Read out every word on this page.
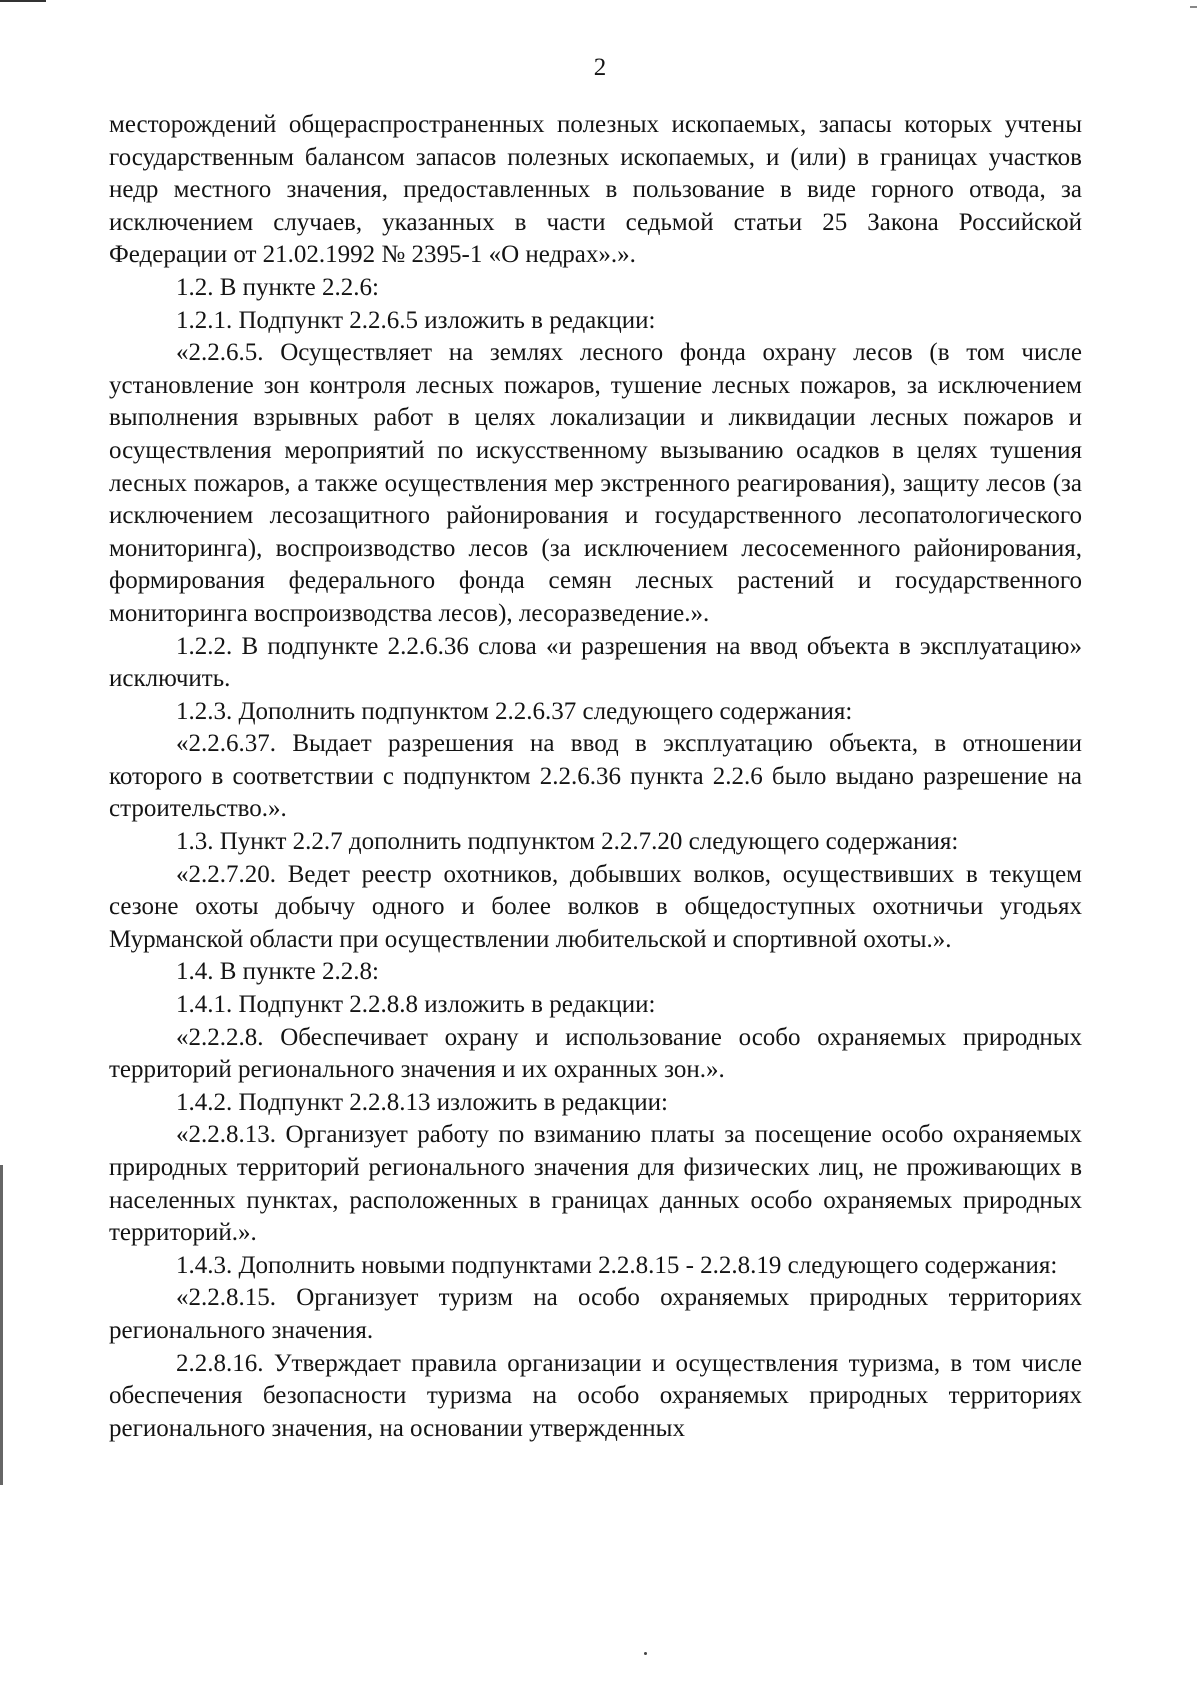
2

месторождений общераспространенных полезных ископаемых, запасы которых учтены государственным балансом запасов полезных ископаемых, и (или) в границах участков недр местного значения, предоставленных в пользование в виде горного отвода, за исключением случаев, указанных в части седьмой статьи 25 Закона Российской Федерации от 21.02.1992 № 2395-1 «О недрах».».

1.2. В пункте 2.2.6:

1.2.1. Подпункт 2.2.6.5 изложить в редакции:

«2.2.6.5. Осуществляет на землях лесного фонда охрану лесов (в том числе установление зон контроля лесных пожаров, тушение лесных пожаров, за исключением выполнения взрывных работ в целях локализации и ликвидации лесных пожаров и осуществления мероприятий по искусственному вызыванию осадков в целях тушения лесных пожаров, а также осуществления мер экстренного реагирования), защиту лесов (за исключением лесозащитного районирования и государственного лесопатологического мониторинга), воспроизводство лесов (за исключением лесосеменного районирования, формирования федерального фонда семян лесных растений и государственного мониторинга воспроизводства лесов), лесоразведение.».

1.2.2. В подпункте 2.2.6.36 слова «и разрешения на ввод объекта в эксплуатацию» исключить.

1.2.3. Дополнить подпунктом 2.2.6.37 следующего содержания:

«2.2.6.37. Выдает разрешения на ввод в эксплуатацию объекта, в отношении которого в соответствии с подпунктом 2.2.6.36 пункта 2.2.6 было выдано разрешение на строительство.».

1.3. Пункт 2.2.7 дополнить подпунктом 2.2.7.20 следующего содержания:

«2.2.7.20. Ведет реестр охотников, добывших волков, осуществивших в текущем сезоне охоты добычу одного и более волков в общедоступных охотничьи угодьях Мурманской области при осуществлении любительской и спортивной охоты.».

1.4. В пункте 2.2.8:

1.4.1. Подпункт 2.2.8.8 изложить в редакции:

«2.2.2.8. Обеспечивает охрану и использование особо охраняемых природных территорий регионального значения и их охранных зон.».

1.4.2. Подпункт 2.2.8.13 изложить в редакции:

«2.2.8.13. Организует работу по взиманию платы за посещение особо охраняемых природных территорий регионального значения для физических лиц, не проживающих в населенных пунктах, расположенных в границах данных особо охраняемых природных территорий.».

1.4.3. Дополнить новыми подпунктами 2.2.8.15 - 2.2.8.19 следующего содержания:

«2.2.8.15. Организует туризм на особо охраняемых природных территориях регионального значения.

2.2.8.16. Утверждает правила организации и осуществления туризма, в том числе обеспечения безопасности туризма на особо охраняемых природных территориях регионального значения, на основании утвержденных
